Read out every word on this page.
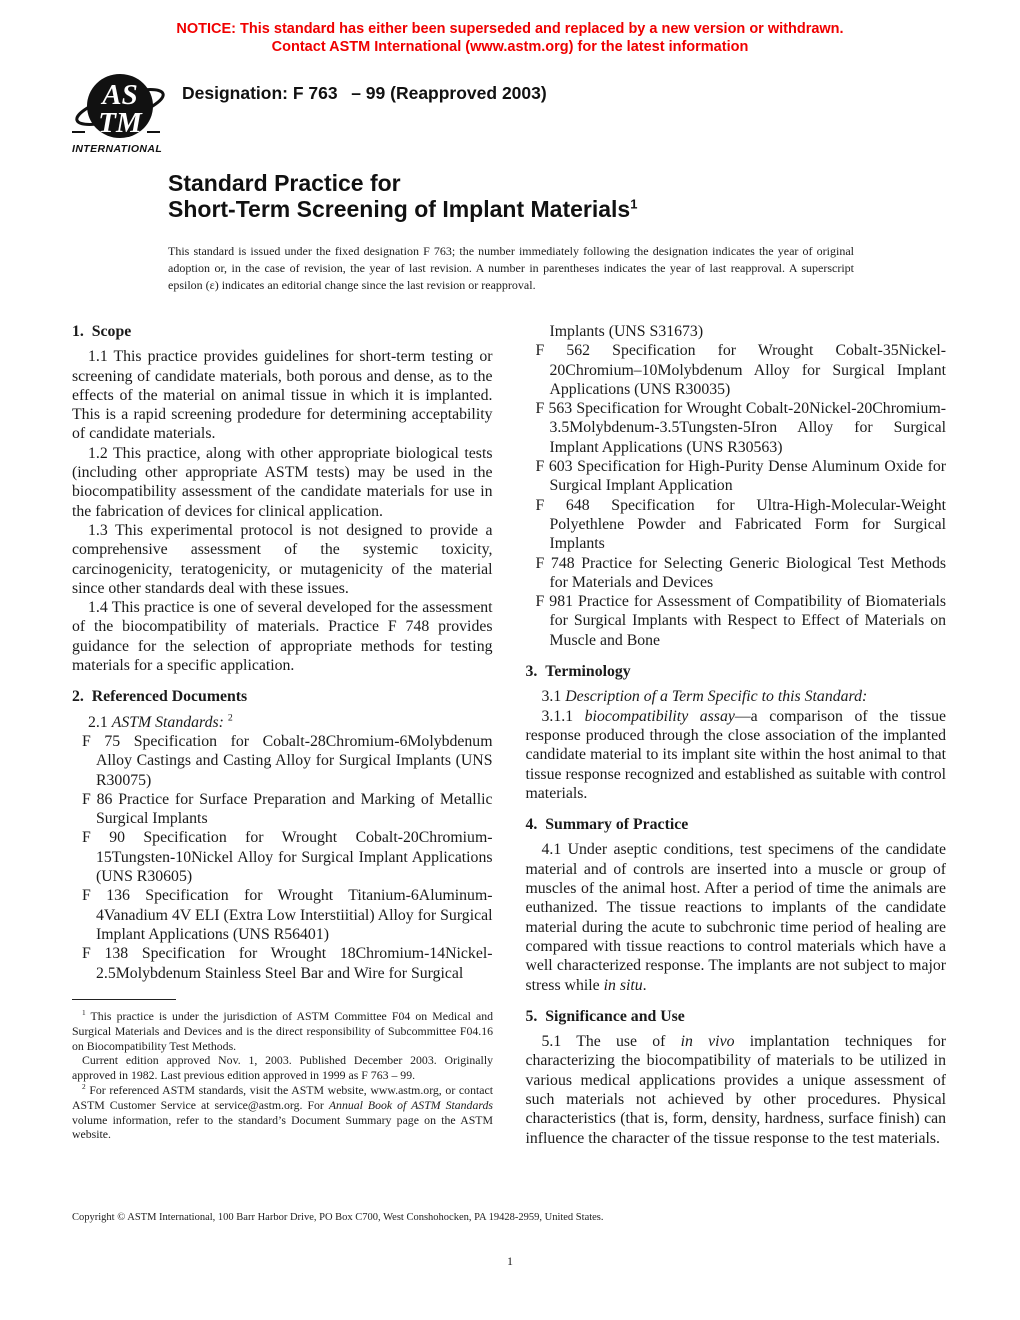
NOTICE: This standard has either been superseded and replaced by a new version or withdrawn.
Contact ASTM International (www.astm.org) for the latest information
AS
TM
INTERNATIONAL
Designation: F 763  – 99 (Reapproved 2003)
Standard Practice for
Short-Term Screening of Implant Materials$^1$
This standard is issued under the fixed designation F 763; the number immediately following the designation indicates the year of original adoption or, in the case of revision, the year of last revision. A number in parentheses indicates the year of last reapproval. A superscript epsilon (ε) indicates an editorial change since the last revision or reapproval.
1. Scope
1.1 This practice provides guidelines for short-term testing or screening of candidate materials, both porous and dense, as to the effects of the material on animal tissue in which it is implanted. This is a rapid screening prodedure for determining acceptability of candidate materials.
1.2 This practice, along with other appropriate biological tests (including other appropriate ASTM tests) may be used in the biocompatibility assessment of the candidate materials for use in the fabrication of devices for clinical application.
1.3 This experimental protocol is not designed to provide a comprehensive assessment of the systemic toxicity, carcinogenicity, teratogenicity, or mutagenicity of the material since other standards deal with these issues.
1.4 This practice is one of several developed for the assessment of the biocompatibility of materials. Practice F 748 provides guidance for the selection of appropriate methods for testing materials for a specific application.
2. Referenced Documents
2.1 ASTM Standards: $^2$
F 75 Specification for Cobalt-28Chromium-6Molybdenum Alloy Castings and Casting Alloy for Surgical Implants (UNS R30075)
F 86 Practice for Surface Preparation and Marking of Metallic Surgical Implants
F 90 Specification for Wrought Cobalt-20Chromium-15Tungsten-10Nickel Alloy for Surgical Implant Applications (UNS R30605)
F 136 Specification for Wrought Titanium-6Aluminum-4Vanadium 4V ELI (Extra Low Interstiitial) Alloy for Surgical Implant Applications (UNS R56401)
F 138 Specification for Wrought 18Chromium-14Nickel-2.5Molybdenum Stainless Steel Bar and Wire for Surgical
Implants (UNS S31673)
F 562 Specification for Wrought Cobalt-35Nickel-20Chromium–10Molybdenum Alloy for Surgical Implant Applications (UNS R30035)
F 563 Specification for Wrought Cobalt-20Nickel-20Chromium-3.5Molybdenum-3.5Tungsten-5Iron Alloy for Surgical Implant Applications (UNS R30563)
F 603 Specification for High-Purity Dense Aluminum Oxide for Surgical Implant Application
F 648 Specification for Ultra-High-Molecular-Weight Polyethlene Powder and Fabricated Form for Surgical Implants
F 748 Practice for Selecting Generic Biological Test Methods for Materials and Devices
F 981 Practice for Assessment of Compatibility of Biomaterials for Surgical Implants with Respect to Effect of Materials on Muscle and Bone
3. Terminology
3.1 Description of a Term Specific to this Standard:
3.1.1 biocompatibility assay—a comparison of the tissue response produced through the close association of the implanted candidate material to its implant site within the host animal to that tissue response recognized and established as suitable with control materials.
4. Summary of Practice
4.1 Under aseptic conditions, test specimens of the candidate material and of controls are inserted into a muscle or group of muscles of the animal host. After a period of time the animals are euthanized. The tissue reactions to implants of the candidate material during the acute to subchronic time period of healing are compared with tissue reactions to control materials which have a well characterized response. The implants are not subject to major stress while in situ.
5. Significance and Use
5.1 The use of in vivo implantation techniques for characterizing the biocompatibility of materials to be utilized in various medical applications provides a unique assessment of such materials not achieved by other procedures. Physical characteristics (that is, form, density, hardness, surface finish) can influence the character of the tissue response to the test materials.
$^1$ This practice is under the jurisdiction of ASTM Committee F04 on Medical and Surgical Materials and Devices and is the direct responsibility of Subcommittee F04.16 on Biocompatibility Test Methods.
Current edition approved Nov. 1, 2003. Published December 2003. Originally approved in 1982. Last previous edition approved in 1999 as F 763 – 99.
$^2$ For referenced ASTM standards, visit the ASTM website, www.astm.org, or contact ASTM Customer Service at service@astm.org. For Annual Book of ASTM Standards volume information, refer to the standard’s Document Summary page on the ASTM website.
Copyright © ASTM International, 100 Barr Harbor Drive, PO Box C700, West Conshohocken, PA 19428-2959, United States.
1
